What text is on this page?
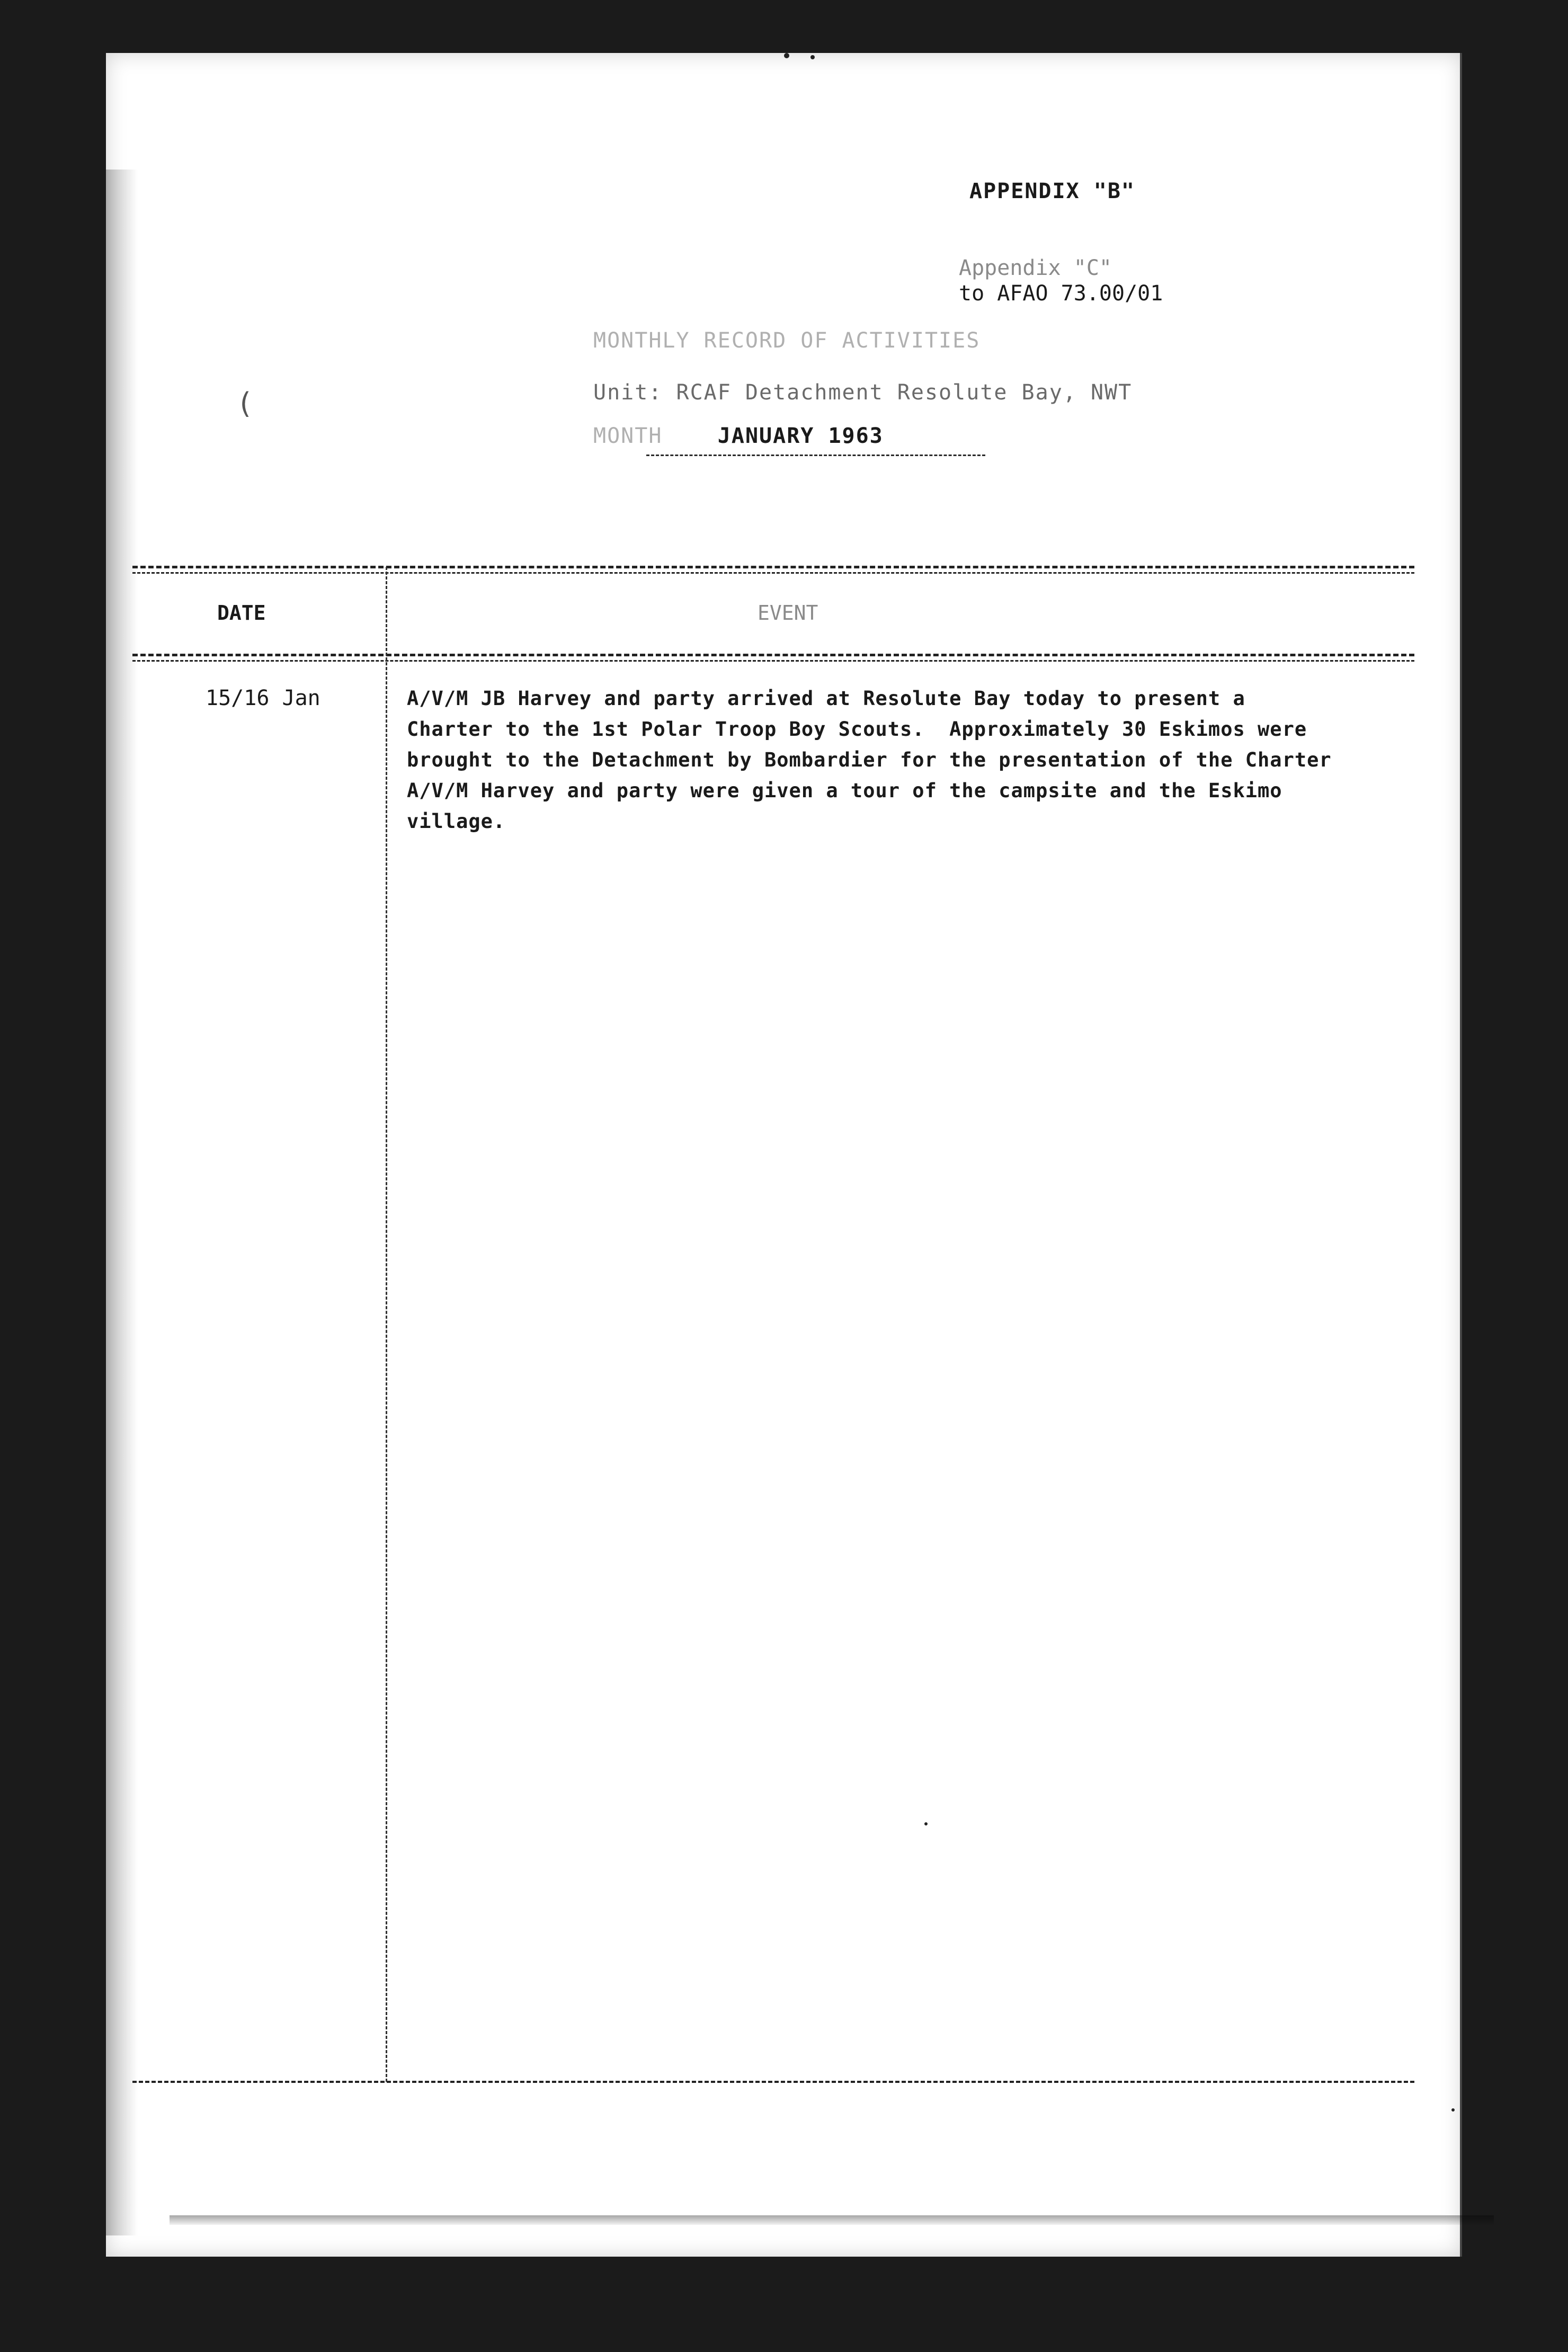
APPENDIX "B"
Appendix "C"
to AFAO 73.00/01
MONTHLY RECORD OF ACTIVITIES
(	Unit: RCAF Detachment Resolute Bay, NWT
MONTH	JANUARY 1963
DATE	EVENT
15/16 Jan	A/V/M JB Harvey and party arrived at Resolute Bay today to present a
Charter to the 1st Polar Troop Boy Scouts.  Approximately 30 Eskimos were
brought to the Detachment by Bombardier for the presentation of the Charter
A/V/M Harvey and party were given a tour of the campsite and the Eskimo
village.
